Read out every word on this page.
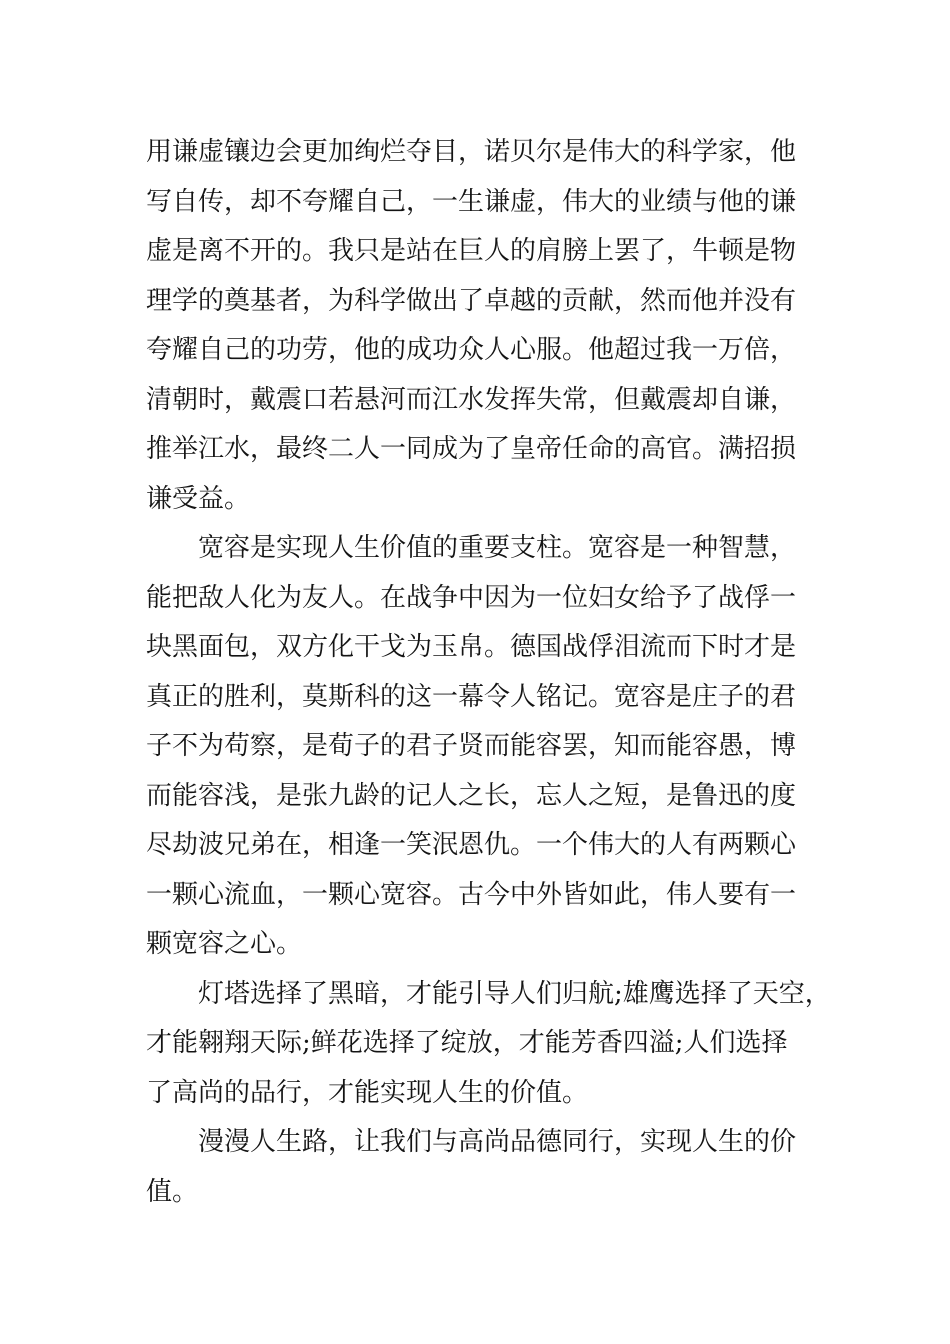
用谦虚镶边会更加绚烂夺目，诺贝尔是伟大的科学家，他
写自传，却不夸耀自己，一生谦虚，伟大的业绩与他的谦
虚是离不开的。我只是站在巨人的肩膀上罢了，牛顿是物
理学的奠基者，为科学做出了卓越的贡献，然而他并没有
夸耀自己的功劳，他的成功众人心服。他超过我一万倍，
清朝时，戴震口若悬河而江水发挥失常，但戴震却自谦，
推举江水，最终二人一同成为了皇帝任命的高官。满招损
谦受益。

宽容是实现人生价值的重要支柱。宽容是一种智慧，
能把敌人化为友人。在战争中因为一位妇女给予了战俘一
块黑面包，双方化干戈为玉帛。德国战俘泪流而下时才是
真正的胜利，莫斯科的这一幕令人铭记。宽容是庄子的君
子不为苟察，是荀子的君子贤而能容罢，知而能容愚，博
而能容浅，是张九龄的记人之长，忘人之短，是鲁迅的度
尽劫波兄弟在，相逢一笑泯恩仇。一个伟大的人有两颗心
一颗心流血，一颗心宽容。古今中外皆如此，伟人要有一
颗宽容之心。

灯塔选择了黑暗，才能引导人们归航;雄鹰选择了天空，
才能翱翔天际;鲜花选择了绽放，才能芳香四溢;人们选择
了高尚的品行，才能实现人生的价值。

漫漫人生路，让我们与高尚品德同行，实现人生的价
值。
